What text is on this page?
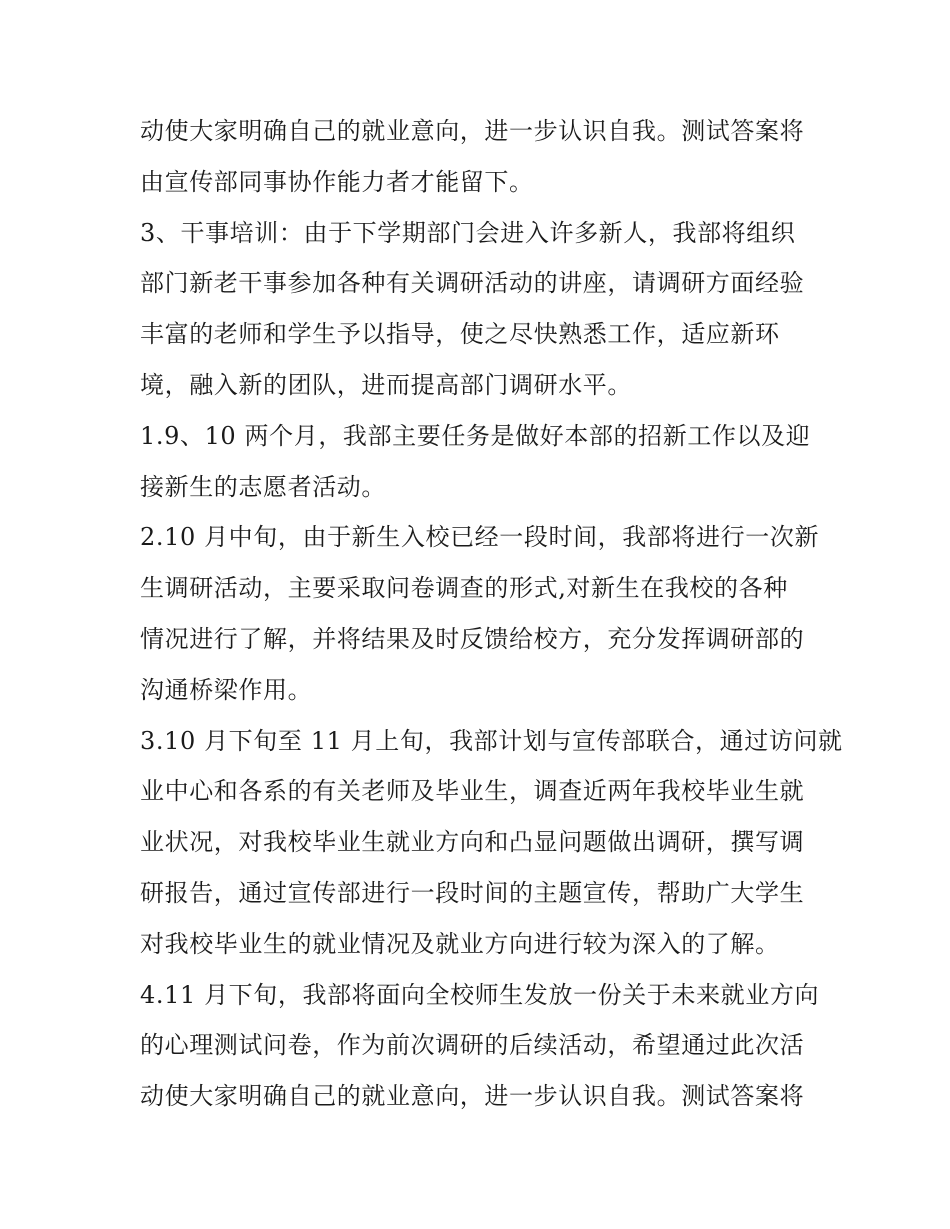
动使大家明确自己的就业意向，进一步认识自我。测试答案将
由宣传部同事协作能力者才能留下。
3、干事培训：由于下学期部门会进入许多新人，我部将组织
部门新老干事参加各种有关调研活动的讲座，请调研方面经验
丰富的老师和学生予以指导，使之尽快熟悉工作，适应新环
境，融入新的团队，进而提高部门调研水平。
1.9、10 两个月，我部主要任务是做好本部的招新工作以及迎
接新生的志愿者活动。
2.10 月中旬，由于新生入校已经一段时间，我部将进行一次新
生调研活动，主要采取问卷调查的形式,对新生在我校的各种
情况进行了解，并将结果及时反馈给校方，充分发挥调研部的
沟通桥梁作用。
3.10 月下旬至 11 月上旬，我部计划与宣传部联合，通过访问就
业中心和各系的有关老师及毕业生，调查近两年我校毕业生就
业状况，对我校毕业生就业方向和凸显问题做出调研，撰写调
研报告，通过宣传部进行一段时间的主题宣传，帮助广大学生
对我校毕业生的就业情况及就业方向进行较为深入的了解。
4.11 月下旬，我部将面向全校师生发放一份关于未来就业方向
的心理测试问卷，作为前次调研的后续活动，希望通过此次活
动使大家明确自己的就业意向，进一步认识自我。测试答案将
